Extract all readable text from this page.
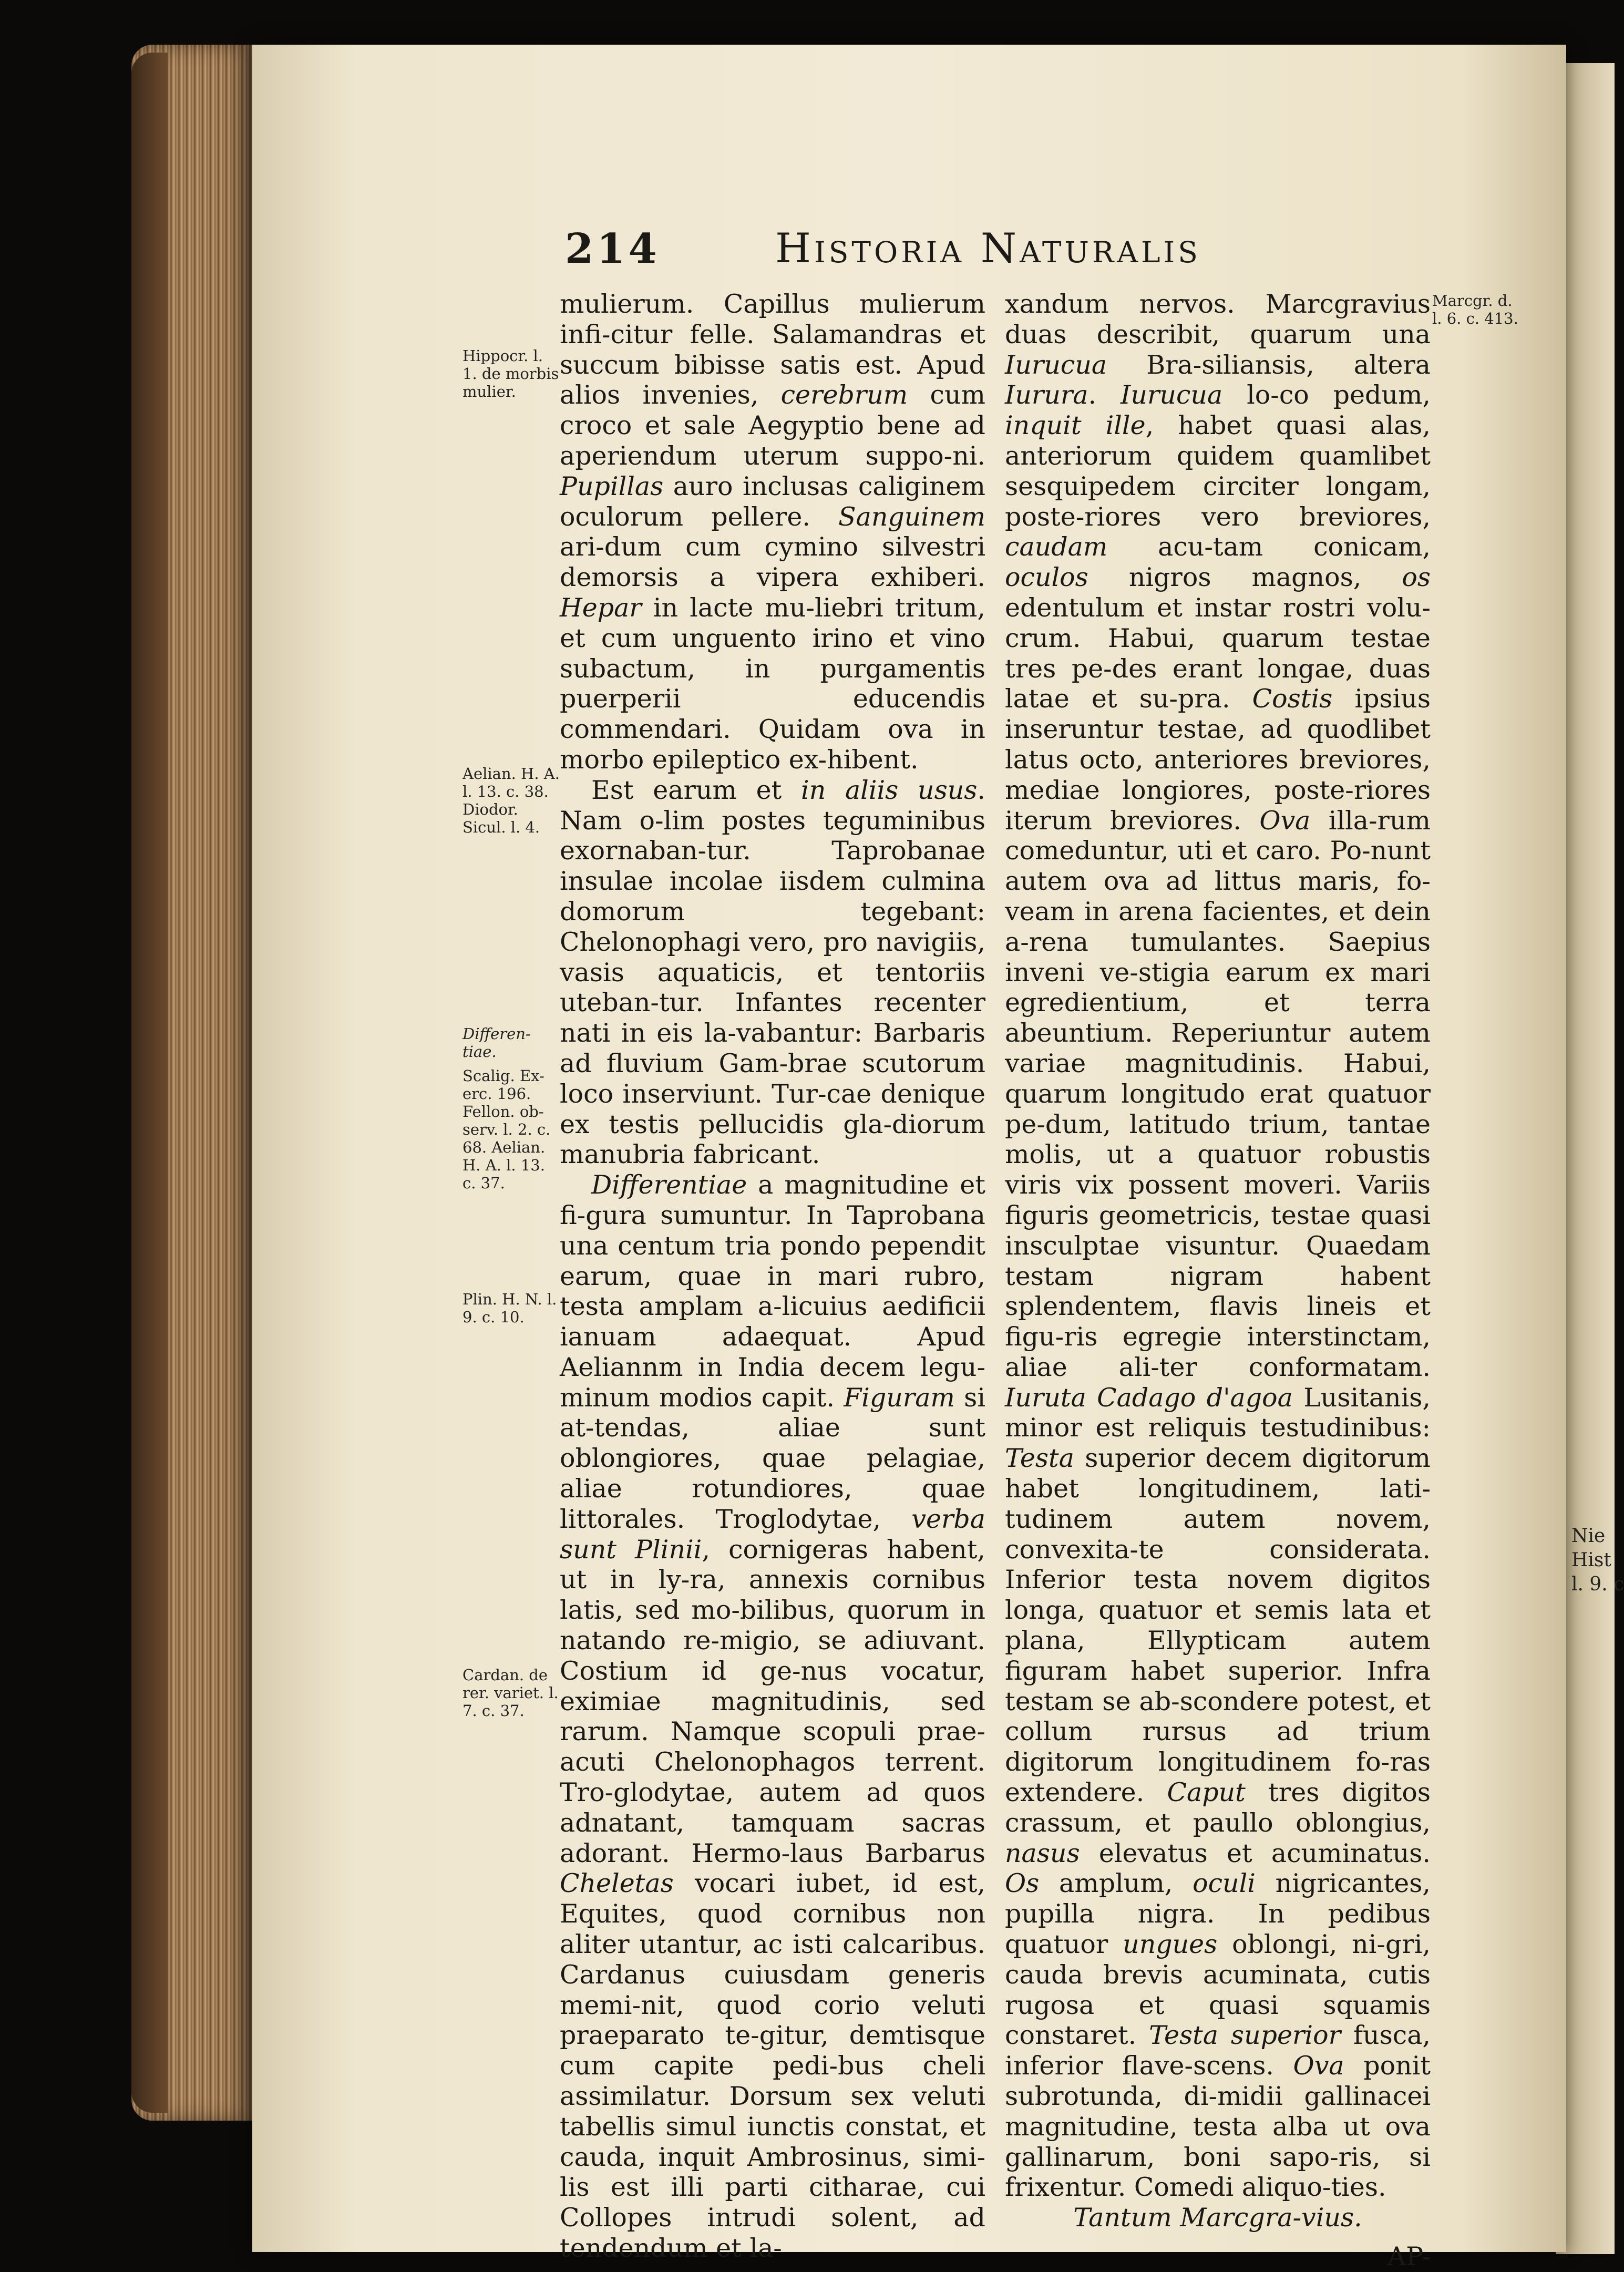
Nie
Hist
l. 9. c
214	Historia Naturalis

mulierum. Capillus mulierum infi-citur felle. Salamandras et succum bibisse satis est. Apud alios invenies, cerebrum cum croco et sale Aegyptio bene ad aperiendum uterum suppo-ni. Pupillas auro inclusas caliginem oculorum pellere. Sanguinem ari-dum cum cymino silvestri demorsis a vipera exhiberi. Hepar in lacte mu-liebri tritum, et cum unguento irino et vino subactum, in purgamentis puerperii educendis commendari. Quidam ova in morbo epileptico ex-hibent.

Est earum et in aliis usus. Nam o-lim postes teguminibus exornaban-tur. Taprobanae insulae incolae iisdem culmina domorum tegebant: Chelonophagi vero, pro navigiis, vasis aquaticis, et tentoriis uteban-tur. Infantes recenter nati in eis la-vabantur: Barbaris ad fluvium Gam-brae scutorum loco inserviunt. Tur-cae denique ex testis pellucidis gla-diorum manubria fabricant.

Differentiae a magnitudine et fi-gura sumuntur. In Taprobana una centum tria pondo pependit earum, quae in mari rubro, testa amplam a-licuius aedificii ianuam adaequat. Apud Aeliannm in India decem legu-minum modios capit. Figuram si at-tendas, aliae sunt oblongiores, quae pelagiae, aliae rotundiores, quae littorales. Troglodytae, verba sunt Plinii, cornigeras habent, ut in ly-ra, annexis cornibus latis, sed mo-bilibus, quorum in natando re-migio, se adiuvant. Costium id ge-nus vocatur, eximiae magnitudinis, sed rarum. Namque scopuli prae-acuti Chelonophagos terrent. Tro-glodytae, autem ad quos adnatant, tamquam sacras adorant. Hermo-laus Barbarus Cheletas vocari iubet, id est, Equites, quod cornibus non aliter utantur, ac isti calcaribus. Cardanus cuiusdam generis memi-nit, quod corio veluti praeparato te-gitur, demtisque cum capite pedi-bus cheli assimilatur. Dorsum sex veluti tabellis simul iunctis constat, et cauda, inquit Ambrosinus, simi-lis est illi parti citharae, cui Collopes intrudi solent, ad tendendum et la-

xandum nervos. Marcgravius duas describit, quarum una Iurucua Bra-siliansis, altera Iurura. Iurucua lo-co pedum, inquit ille, habet quasi alas, anteriorum quidem quamlibet sesquipedem circiter longam, poste-riores vero breviores, caudam acu-tam conicam, oculos nigros magnos, os edentulum et instar rostri volu-crum. Habui, quarum testae tres pe-des erant longae, duas latae et su-pra. Costis ipsius inseruntur testae, ad quodlibet latus octo, anteriores breviores, mediae longiores, poste-riores iterum breviores. Ova illa-rum comeduntur, uti et caro. Po-nunt autem ova ad littus maris, fo-veam in arena facientes, et dein a-rena tumulantes. Saepius inveni ve-stigia earum ex mari egredientium, et terra abeuntium. Reperiuntur autem variae magnitudinis. Habui, quarum longitudo erat quatuor pe-dum, latitudo trium, tantae molis, ut a quatuor robustis viris vix possent moveri. Variis figuris geometricis, testae quasi insculptae visuntur. Quaedam testam nigram habent splendentem, flavis lineis et figu-ris egregie interstinctam, aliae ali-ter conformatam. Iuruta Cadago d'agoa Lusitanis, minor est reliquis testudinibus: Testa superior decem digitorum habet longitudinem, lati-tudinem autem novem, convexita-te considerata. Inferior testa novem digitos longa, quatuor et semis lata et plana, Ellypticam autem figuram habet superior. Infra testam se ab-scondere potest, et collum rursus ad trium digitorum longitudinem fo-ras extendere. Caput tres digitos crassum, et paullo oblongius, nasus elevatus et acuminatus. Os amplum, oculi nigricantes, pupilla nigra. In pedibus quatuor ungues oblongi, ni-gri, cauda brevis acuminata, cutis rugosa et quasi squamis constaret. Testa superior fusca, inferior flave-scens. Ova ponit subrotunda, di-midii gallinacei magnitudine, testa alba ut ova gallinarum, boni sapo-ris, si frixentur. Comedi aliquo-ties.

Tantum Marcgra-vius.

AP-

Hippocr. l. 1. de morbis mulier.
Aelian. H. A. l. 13. c. 38. Diodor. Sicul. l. 4.
Differen-tiae.
Scalig. Ex-erc. 196. Fellon. ob-serv. l. 2. c. 68. Aelian. H. A. l. 13. c. 37.
Plin. H. N. l. 9. c. 10.
Cardan. de rer. variet. l. 7. c. 37.
Marcgr. d. l. 6. c. 413.
